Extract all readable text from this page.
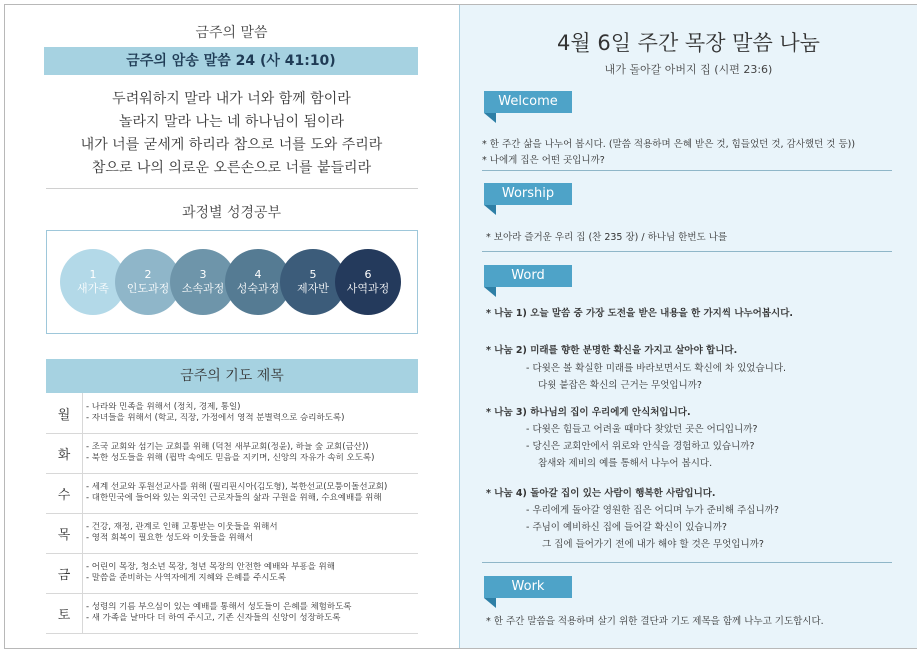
금주의 말씀
금주의 암송 말씀 24 (사 41:10)
두려워하지 말라 내가 너와 함께 함이라
놀라지 말라 나는 네 하나님이 됨이라
내가 너를 굳세게 하리라 참으로 너를 도와 주리라
참으로 나의 의로운 오른손으로 너를 붙들리라
과정별 성경공부
1
새가족
2
인도과정
3
소속과정
4
성숙과정
5
제자반
6
사역과정
금주의 기도 제목
월
- 나라와 민족을 위해서 (정치, 경제, 통일)
- 자녀들을 위해서 (학교, 직장, 가정에서 영적 분별력으로 승리하도록)
화
- 조국 교회와 섬기는 교회를 위해 (덕천 새부교회(정윤), 하늘 숲 교회(금산))
- 북한 성도들을 위해 (핍박 속에도 믿음을 지키며, 신앙의 자유가 속히 오도록)
수
- 세계 선교와 후원선교사를 위해 (필리핀시아(김도형), 북한선교(모퉁이돌선교회)
- 대한민국에 들어와 있는 외국인 근로자들의 삶과 구원을 위해, 수요예배를 위해
목
- 건강, 재정, 관계로 인해 고통받는 이웃들을 위해서
- 영적 회복이 필요한 성도와 이웃들을 위해서
금
- 어린이 목장, 청소년 목장, 청년 목장의 안전한 예배와 부흥을 위해
- 말씀을 준비하는 사역자에게 지혜와 은혜를 주시도록
토
- 성령의 기름 부으심이 있는 예배를 통해서 성도들이 은혜를 체험하도록
- 새 가족을 날마다 더 하여 주시고, 기존 신자들의 신앙이 성장하도록
4월 6일 주간 목장 말씀 나눔
내가 돌아갈 아버지 집 (시편 23:6)
Welcome
* 한 주간 삶을 나누어 봅시다. (말씀 적용하며 은혜 받은 것, 힘들었던 것, 감사했던 것 등))
* 나에게 집은 어떤 곳입니까?
Worship
* 보아라 즐거운 우리 집 (찬 235 장) / 하나님 한번도 나를
Word
* 나눔 1) 오늘 말씀 중 가장 도전을 받은 내용을 한 가지씩 나누어봅시다.
* 나눔 2) 미래를 향한 분명한 확신을 가지고 살아야 합니다.
- 다윗은 볼 확실한 미래를 바라보면서도 확신에 차 있었습니다.
다윗 붙잡은 확신의 근거는 무엇입니까?
* 나눔 3) 하나님의 집이 우리에게 안식처입니다.
- 다윗은 힘들고 어려울 때마다 찾았던 곳은 어디입니까?
- 당신은 교회안에서 위로와 안식을 경험하고 있습니까?
참새와 제비의 예를 통해서 나누어 봅시다.
* 나눔 4) 돌아갈 집이 있는 사람이 행복한 사람입니다.
- 우리에게 돌아갈 영원한 집은 어디며 누가 준비해 주십니까?
- 주님이 예비하신 집에 들어갈 확신이 있습니까?
그 집에 들어가기 전에 내가 해야 할 것은 무엇입니까?
Work
* 한 주간 말씀을 적용하며 살기 위한 결단과 기도 제목을 함께 나누고 기도합시다.
